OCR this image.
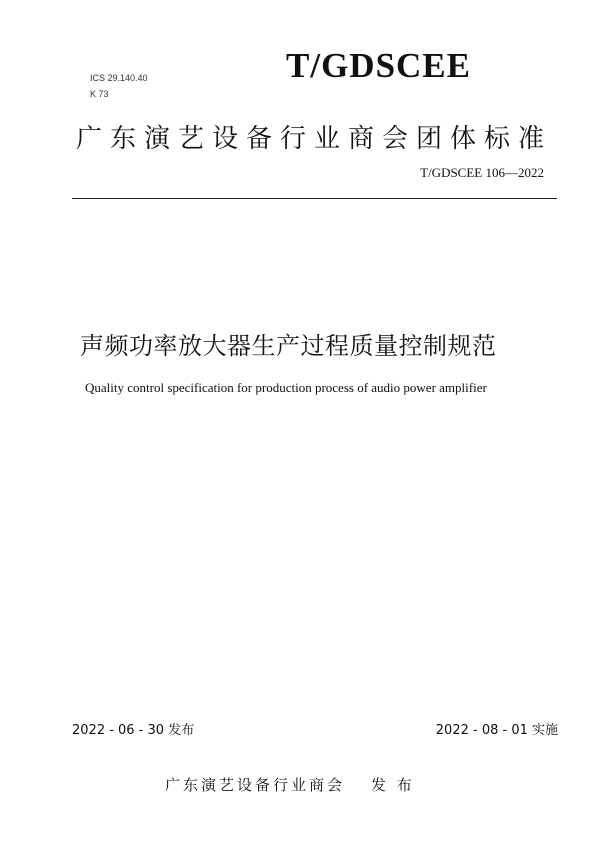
ICS 29.140.40
K 73
T/GDSCEE
广东演艺设备行业商会团体标准
T/GDSCEE 106—2022
声频功率放大器生产过程质量控制规范
Quality control specification for production process of audio power amplifier
2022 - 06 - 30 发布	2022 - 08 - 01 实施
广东演艺设备行业商会 发 布
